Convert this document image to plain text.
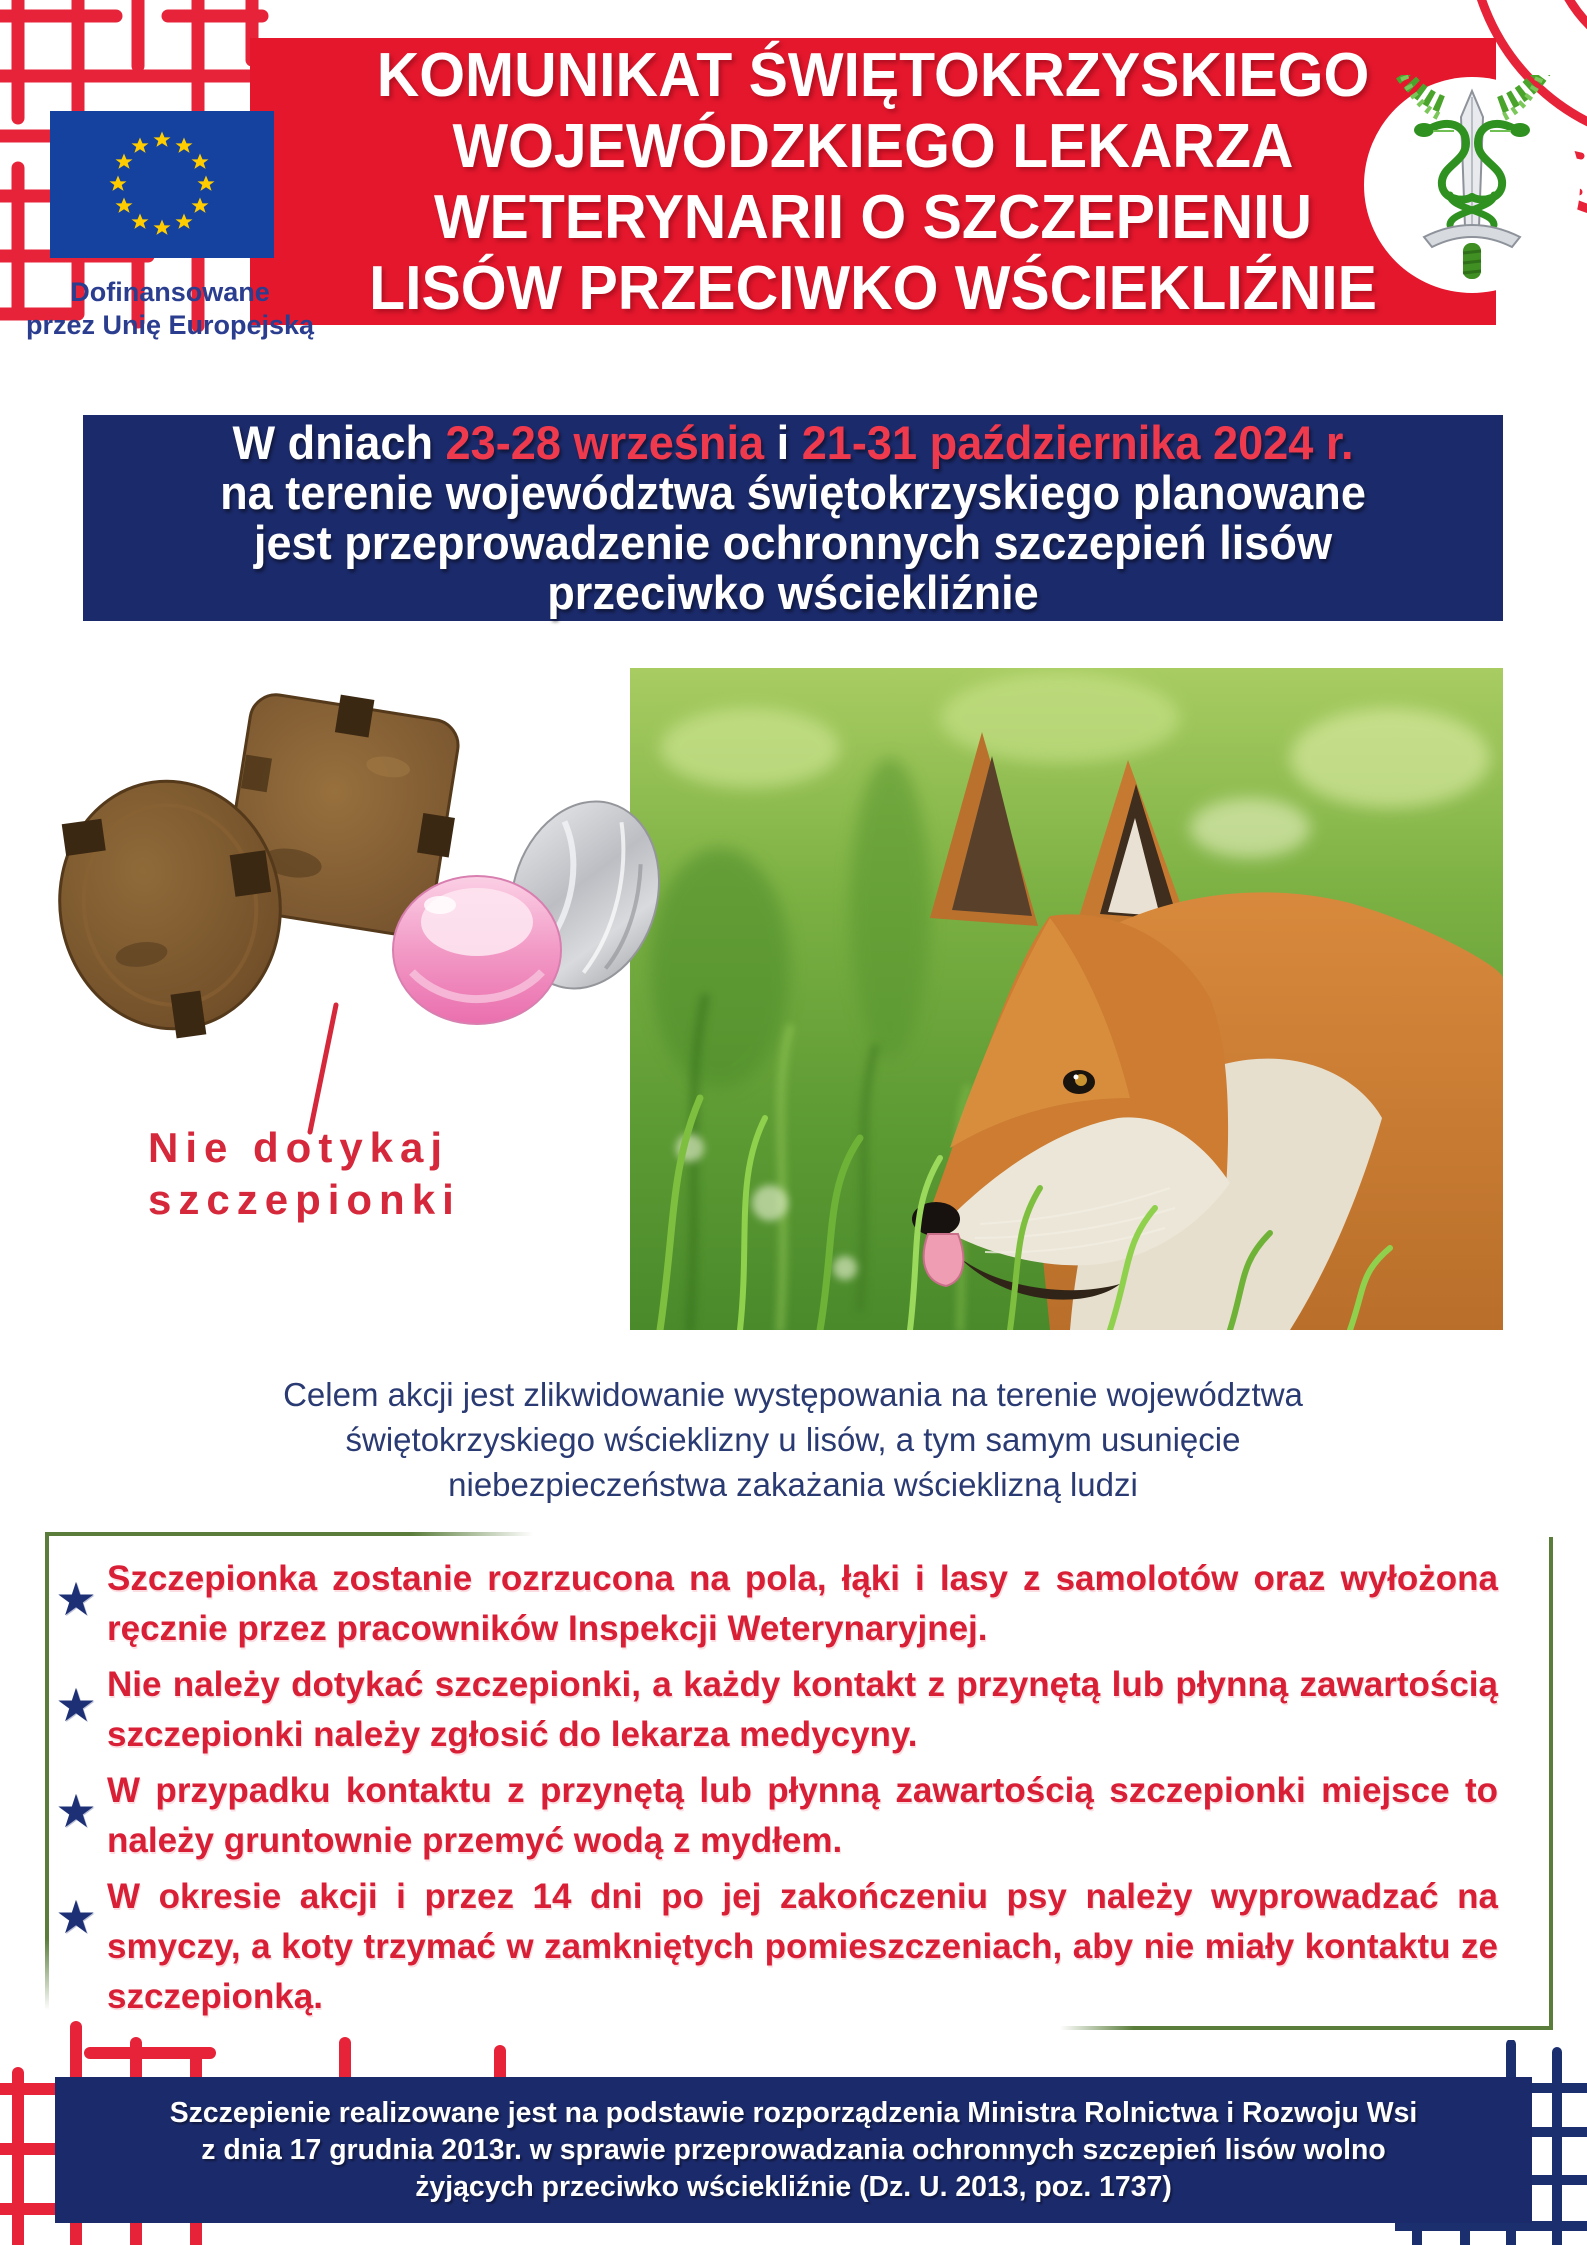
KOMUNIKAT ŚWIĘTOKRZYSKIEGO
WOJEWÓDZKIEGO LEKARZA
WETERYNARII O SZCZEPIENIU
LISÓW PRZECIWKO WŚCIEKLIŹNIE
Dofinansowane
przez Unię Europejską
W dniach 23-28 września i 21-31 października 2024 r.
na terenie województwa świętokrzyskiego planowane
jest przeprowadzenie ochronnych szczepień lisów
przeciwko wściekliźnie
Nie dotykaj
szczepionki
Celem akcji jest zlikwidowanie występowania na terenie województwa
świętokrzyskiego wścieklizny u lisów, a tym samym usunięcie
niebezpieczeństwa zakażania wścieklizną ludzi
★ Szczepionka zostanie rozrzucona na pola, łąki i lasy z samolotów oraz wyłożona ręcznie przez pracowników Inspekcji Weterynaryjnej.
★ Nie należy dotykać szczepionki, a każdy kontakt z przynętą lub płynną zawartością szczepionki należy zgłosić do lekarza medycyny.
★ W przypadku kontaktu z przynętą lub płynną zawartością szczepionki miejsce to należy gruntownie przemyć wodą z mydłem.
★ W okresie akcji i przez 14 dni po jej zakończeniu psy należy wyprowadzać na smyczy, a koty trzymać w zamkniętych pomieszczeniach, aby nie miały kontaktu ze szczepionką.
Szczepienie realizowane jest na podstawie rozporządzenia Ministra Rolnictwa i Rozwoju Wsi
z dnia 17 grudnia 2013r. w sprawie przeprowadzania ochronnych szczepień lisów wolno
żyjących przeciwko wściekliźnie (Dz. U. 2013, poz. 1737)
